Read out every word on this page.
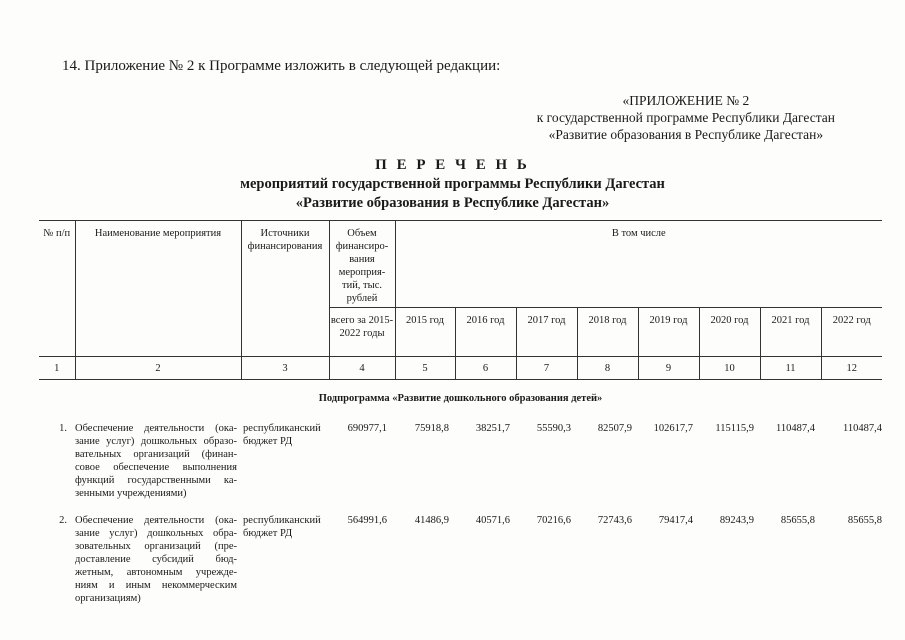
14. Приложение № 2 к Программе изложить в следующей редакции:
«ПРИЛОЖЕНИЕ № 2
к государственной программе Республики Дагестан
«Развитие образования в Республике Дагестан»
П Е Р Е Ч Е Н Ь
мероприятий государственной программы Республики Дагестан
«Развитие образования в Республике Дагестан»
№ п/п	Наименование мероприятия	Источники финансирования	Объем финансиро-вания мероприя-тий, тыс. рублей	В том числе							
			всего за 2015-2022 годы	2015 год	2016 год	2017 год	2018 год	2019 год	2020 год	2021 год	2022 год
1	2	3	4	5	6	7	8	9	10	11	12
Подпрограмма «Развитие дошкольного образования детей»											
1.	Обеспечение деятельности (ока-зание услуг) дошкольных образо-вательных организаций (финан-совое обеспечение выполнения функций государственными ка-зенными учреждениями)	республиканский бюджет РД	690977,1	75918,8	38251,7	55590,3	82507,9	102617,7	115115,9	110487,4	110487,4
2.	Обеспечение деятельности (ока-зание услуг) дошкольных обра-зовательных организаций (пре-доставление субсидий бюд-жетным, автономным учрежде-ниям и иным некоммерческим организациям)	республиканский бюджет РД	564991,6	41486,9	40571,6	70216,6	72743,6	79417,4	89243,9	85655,8	85655,8
